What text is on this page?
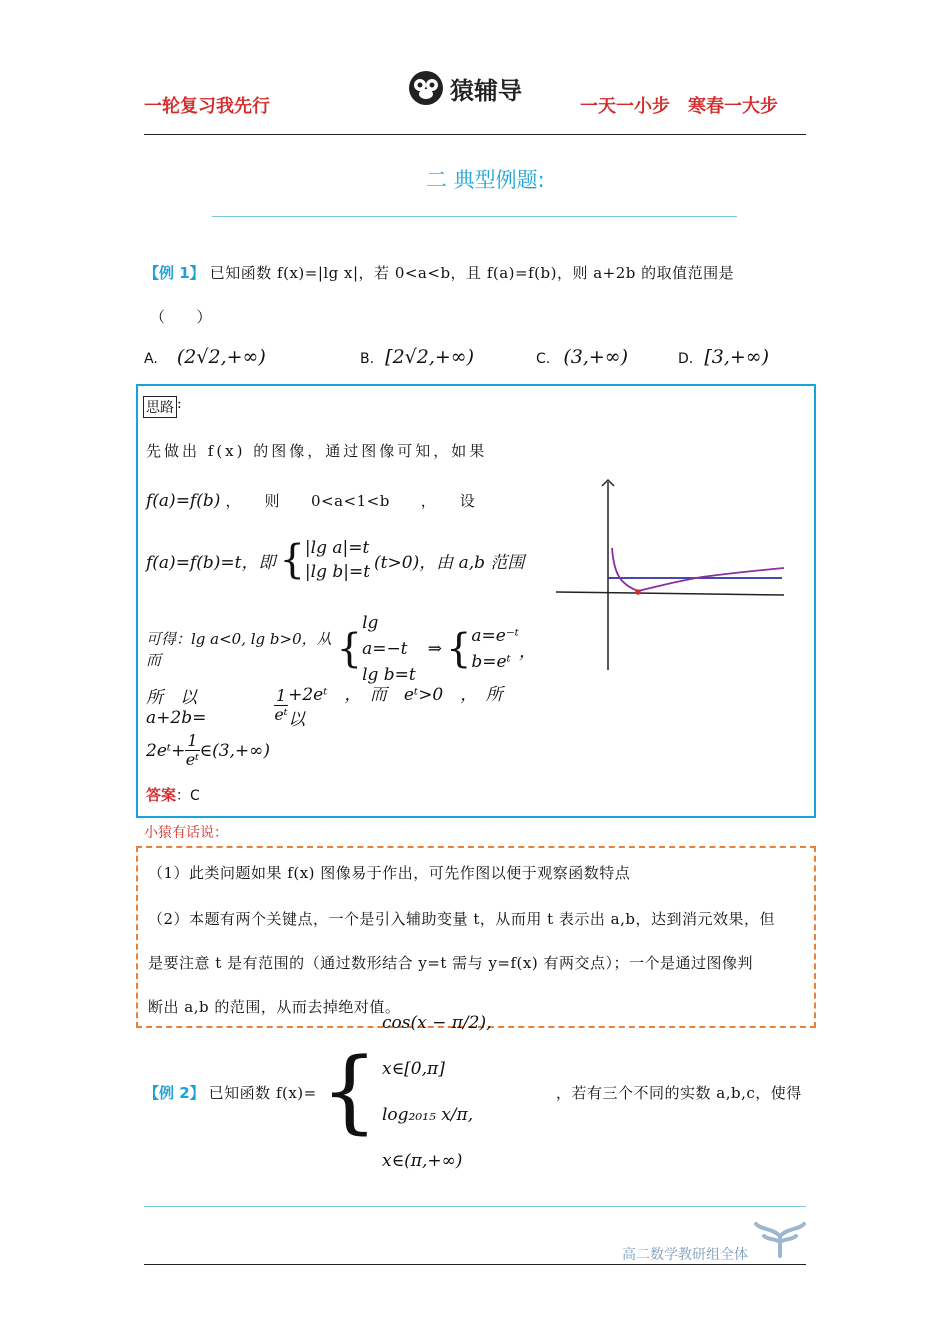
一轮复习我先行
猿辅导
一天一小步　寒春一大步
二 典型例题:
【例 1】 已知函数 f(x)=|lg x|，若 0<a<b，且 f(a)=f(b)，则 a+2b 的取值范围是
（　　）
A. (2√2,+∞)	B. [2√2,+∞)	C. (3,+∞)	D. [3,+∞)
思路 :
先做出 f(x) 的图像，通过图像可知，如果
f(a)=f(b) ，　　则　　0<a<1<b　　，　　设
f(a)=f(b)=t，即 { |lg a|=t
|lg b|=t (t>0)，由 a,b 范围
可得：lg a<0, lg b>0，从而	{
lg a=−t
lg b=t
⇒ { a=e⁻ᵗ
b=eᵗ
，
所　以　a+2b=	$\frac{1}{\text{eᵗ}}$ +2eᵗ　，　而　eᵗ>0　，　所　以
2eᵗ+ $\frac{1}{\text{eᵗ}}$ ∈(3,+∞)
答案：C
小猿有话说：
（1）此类问题如果 f(x) 图像易于作出，可先作图以便于观察函数特点
（2）本题有两个关键点，一个是引入辅助变量 t，从而用 t 表示出 a,b，达到消元效果，但
是要注意 t 是有范围的（通过数形结合 y=t 需与 y=f(x) 有两交点）；一个是通过图像判
断出 a,b 的范围，从而去掉绝对值。
【例 2】 已知函数 f(x)= {
cos(x − π/2), x∈[0,π]
log₂₀₁₅ x/π, x∈(π,+∞)
，若有三个不同的实数 a,b,c，使得
高二数学教研组全体
